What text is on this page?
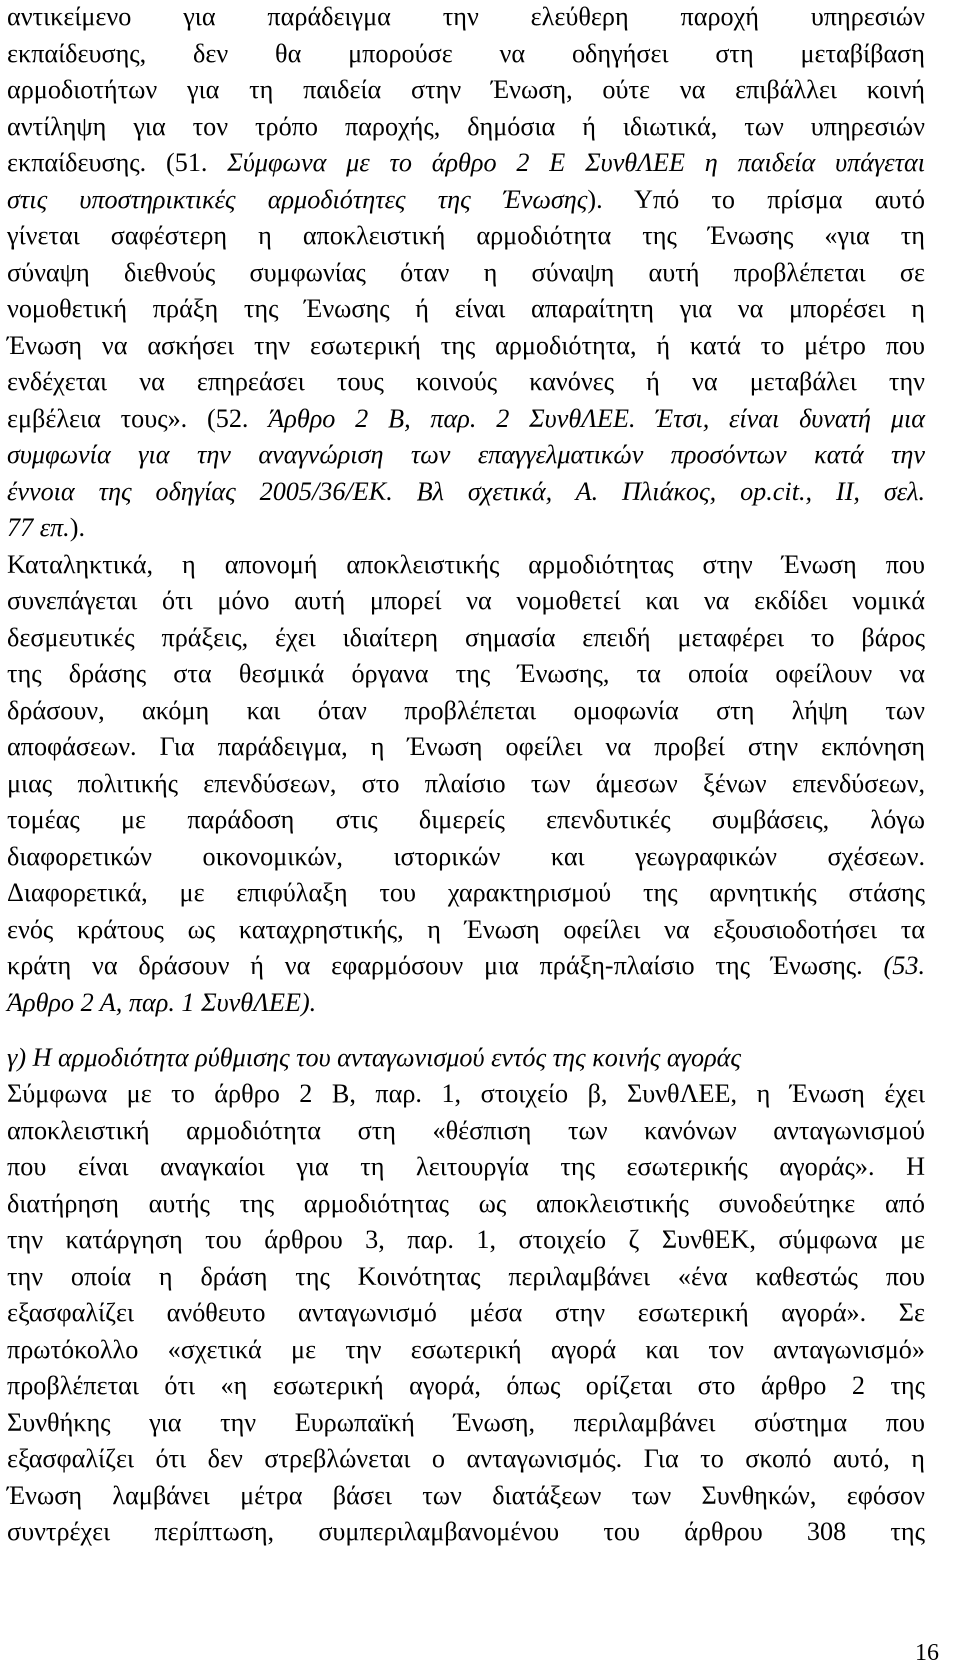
αντικείμενο για παράδειγμα την ελεύθερη παροχή υπηρεσιών
εκπαίδευσης, δεν θα μπορούσε να οδηγήσει στη μεταβίβαση
αρμοδιοτήτων για τη παιδεία στην Ένωση, ούτε να επιβάλλει κοινή
αντίληψη για τον τρόπο παροχής, δημόσια ή ιδιωτικά, των υπηρεσιών
εκπαίδευσης. (51. Σύμφωνα με το άρθρο 2 Ε ΣυνθΛΕΕ η παιδεία υπάγεται
στις υποστηρικτικές αρμοδιότητες της Ένωσης). Υπό το πρίσμα αυτό
γίνεται σαφέστερη η αποκλειστική αρμοδιότητα της Ένωσης «για τη
σύναψη διεθνούς συμφωνίας όταν η σύναψη αυτή προβλέπεται σε
νομοθετική πράξη της Ένωσης ή είναι απαραίτητη για να μπορέσει η
Ένωση να ασκήσει την εσωτερική της αρμοδιότητα, ή κατά το μέτρο που
ενδέχεται να επηρεάσει τους κοινούς κανόνες ή να μεταβάλει την
εμβέλεια τους». (52. Άρθρο 2 Β, παρ. 2 ΣυνθΛΕΕ. Έτσι, είναι δυνατή μια
συμφωνία για την αναγνώριση των επαγγελματικών προσόντων κατά την
έννοια της οδηγίας 2005/36/ΕΚ. Βλ σχετικά, Α. Πλιάκος, op.cit., II, σελ.
77 επ.).
Καταληκτικά, η απονομή αποκλειστικής αρμοδιότητας στην Ένωση που
συνεπάγεται ότι μόνο αυτή μπορεί να νομοθετεί και να εκδίδει νομικά
δεσμευτικές πράξεις, έχει ιδιαίτερη σημασία επειδή μεταφέρει το βάρος
της δράσης στα θεσμικά όργανα της Ένωσης, τα οποία οφείλουν να
δράσουν, ακόμη και όταν προβλέπεται ομοφωνία στη λήψη των
αποφάσεων. Για παράδειγμα, η Ένωση οφείλει να προβεί στην εκπόνηση
μιας πολιτικής επενδύσεων, στο πλαίσιο των άμεσων ξένων επενδύσεων,
τομέας με παράδοση στις διμερείς επενδυτικές συμβάσεις, λόγω
διαφορετικών οικονομικών, ιστορικών και γεωγραφικών σχέσεων.
Διαφορετικά, με επιφύλαξη του χαρακτηρισμού της αρνητικής στάσης
ενός κράτους ως καταχρηστικής, η Ένωση οφείλει να εξουσιοδοτήσει τα
κράτη να δράσουν ή να εφαρμόσουν μια πράξη-πλαίσιο της Ένωσης. (53.
Άρθρο 2 Α, παρ. 1 ΣυνθΛΕΕ).
γ) Η αρμοδιότητα ρύθμισης του ανταγωνισμού εντός της κοινής αγοράς
Σύμφωνα με το άρθρο 2 Β, παρ. 1, στοιχείο β, ΣυνθΛΕΕ, η Ένωση έχει
αποκλειστική αρμοδιότητα στη «θέσπιση των κανόνων ανταγωνισμού
που είναι αναγκαίοι για τη λειτουργία της εσωτερικής αγοράς». Η
διατήρηση αυτής της αρμοδιότητας ως αποκλειστικής συνοδεύτηκε από
την κατάργηση του άρθρου 3, παρ. 1, στοιχείο ζ ΣυνθΕΚ, σύμφωνα με
την οποία η δράση της Κοινότητας περιλαμβάνει «ένα καθεστώς που
εξασφαλίζει ανόθευτο ανταγωνισμό μέσα στην εσωτερική αγορά». Σε
πρωτόκολλο «σχετικά με την εσωτερική αγορά και τον ανταγωνισμό»
προβλέπεται ότι «η εσωτερική αγορά, όπως ορίζεται στο άρθρο 2 της
Συνθήκης για την Ευρωπαϊκή Ένωση, περιλαμβάνει σύστημα που
εξασφαλίζει ότι δεν στρεβλώνεται ο ανταγωνισμός. Για το σκοπό αυτό, η
Ένωση λαμβάνει μέτρα βάσει των διατάξεων των Συνθηκών, εφόσον
συντρέχει περίπτωση, συμπεριλαμβανομένου του άρθρου 308 της
16
